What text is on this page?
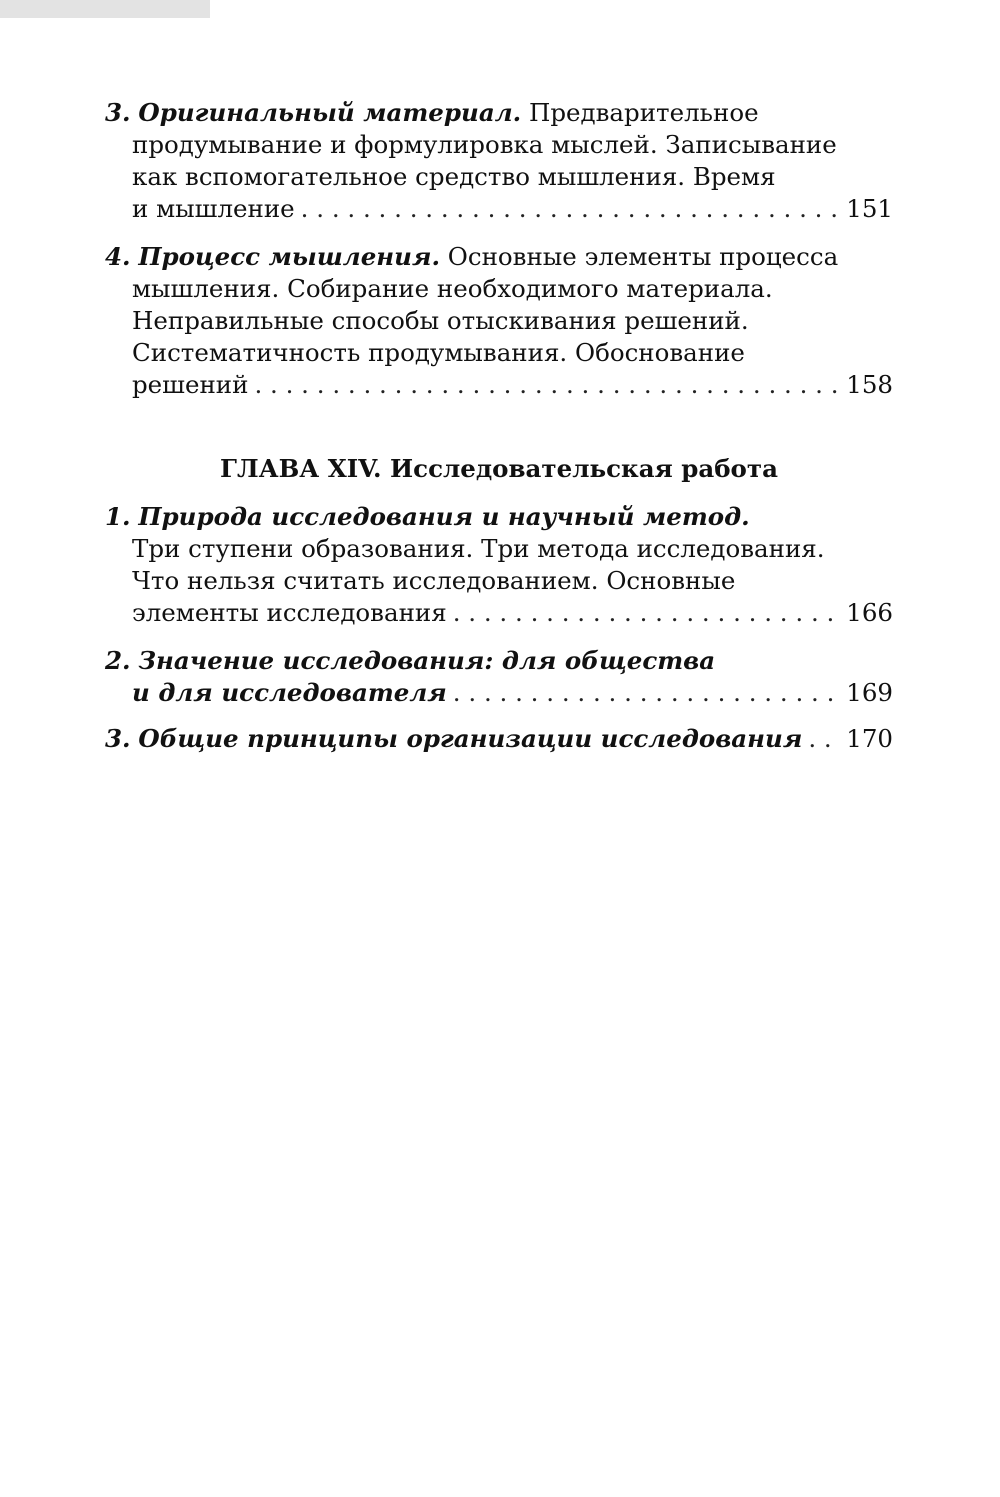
3. Оригинальный материал. Предварительное
продумывание и формулировка мыслей. Записывание
как вспомогательное средство мышления. Время
и мышление . . .	151
4. Процесс мышления. Основные элементы процесса
мышления. Собирание необходимого материала.
Неправильные способы отыскивания решений.
Систематичность продумывания. Обоснование
решений . . .	158
ГЛАВА XIV. Исследовательская работа
1. Природа исследования и научный метод.
Три ступени образования. Три метода исследования.
Что нельзя считать исследованием. Основные
элементы исследования . . .	166
2. Значение исследования: для общества
и для исследователя . . .	169
3. Общие принципы организации исследования . . . 170
